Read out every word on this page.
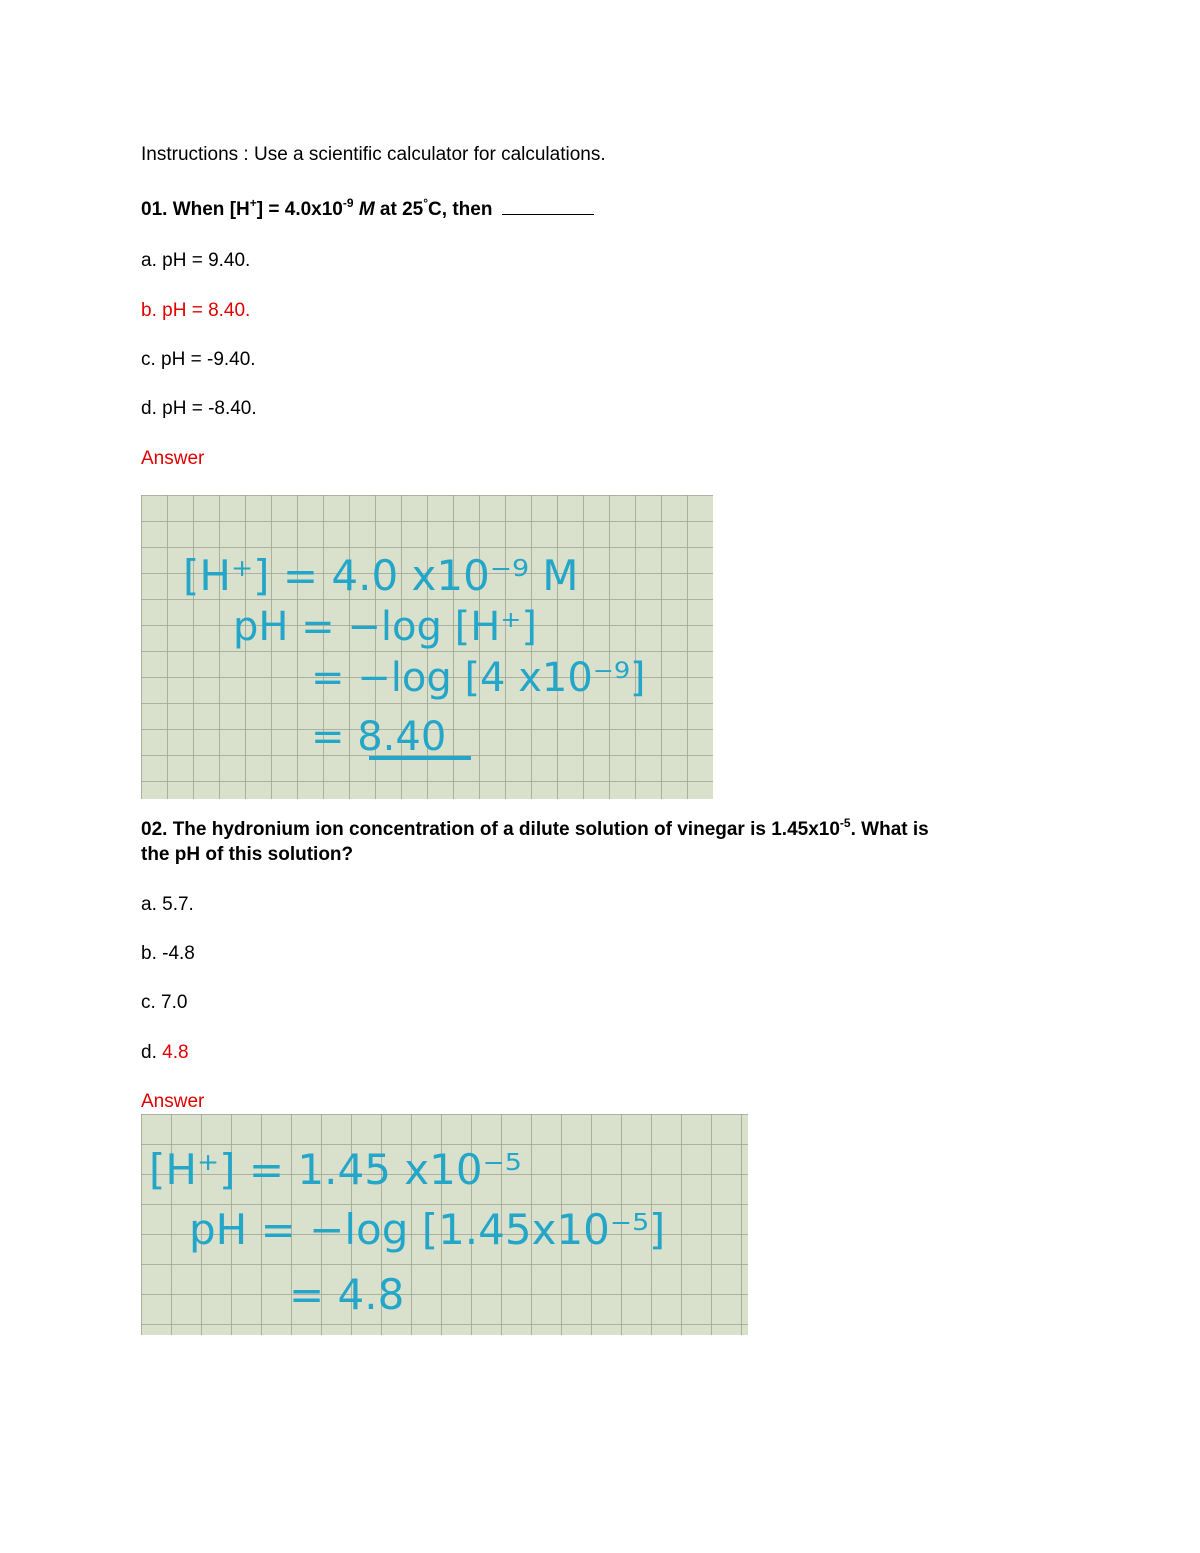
Instructions : Use a scientific calculator for calculations.
01. When $[H^+] = 4.0x10^{-9}$ M at 25°C, then
a. pH = 9.40.
b. pH = 8.40.
c. pH = -9.40.
d. pH = -8.40.
Answer
[H⁺] = 4.0 x10⁻⁹ M
pH = −log [H⁺]
= −log [4 x10⁻⁹]
= 8.40
02. The hydronium ion concentration of a dilute solution of vinegar is $1.45x10^{-5}$. What is
the pH of this solution?
a. 5.7.
b. -4.8
c. 7.0
d. 4.8
Answer
[H⁺] = 1.45 x10⁻⁵
pH = −log [1.45x10⁻⁵]
= 4.8
